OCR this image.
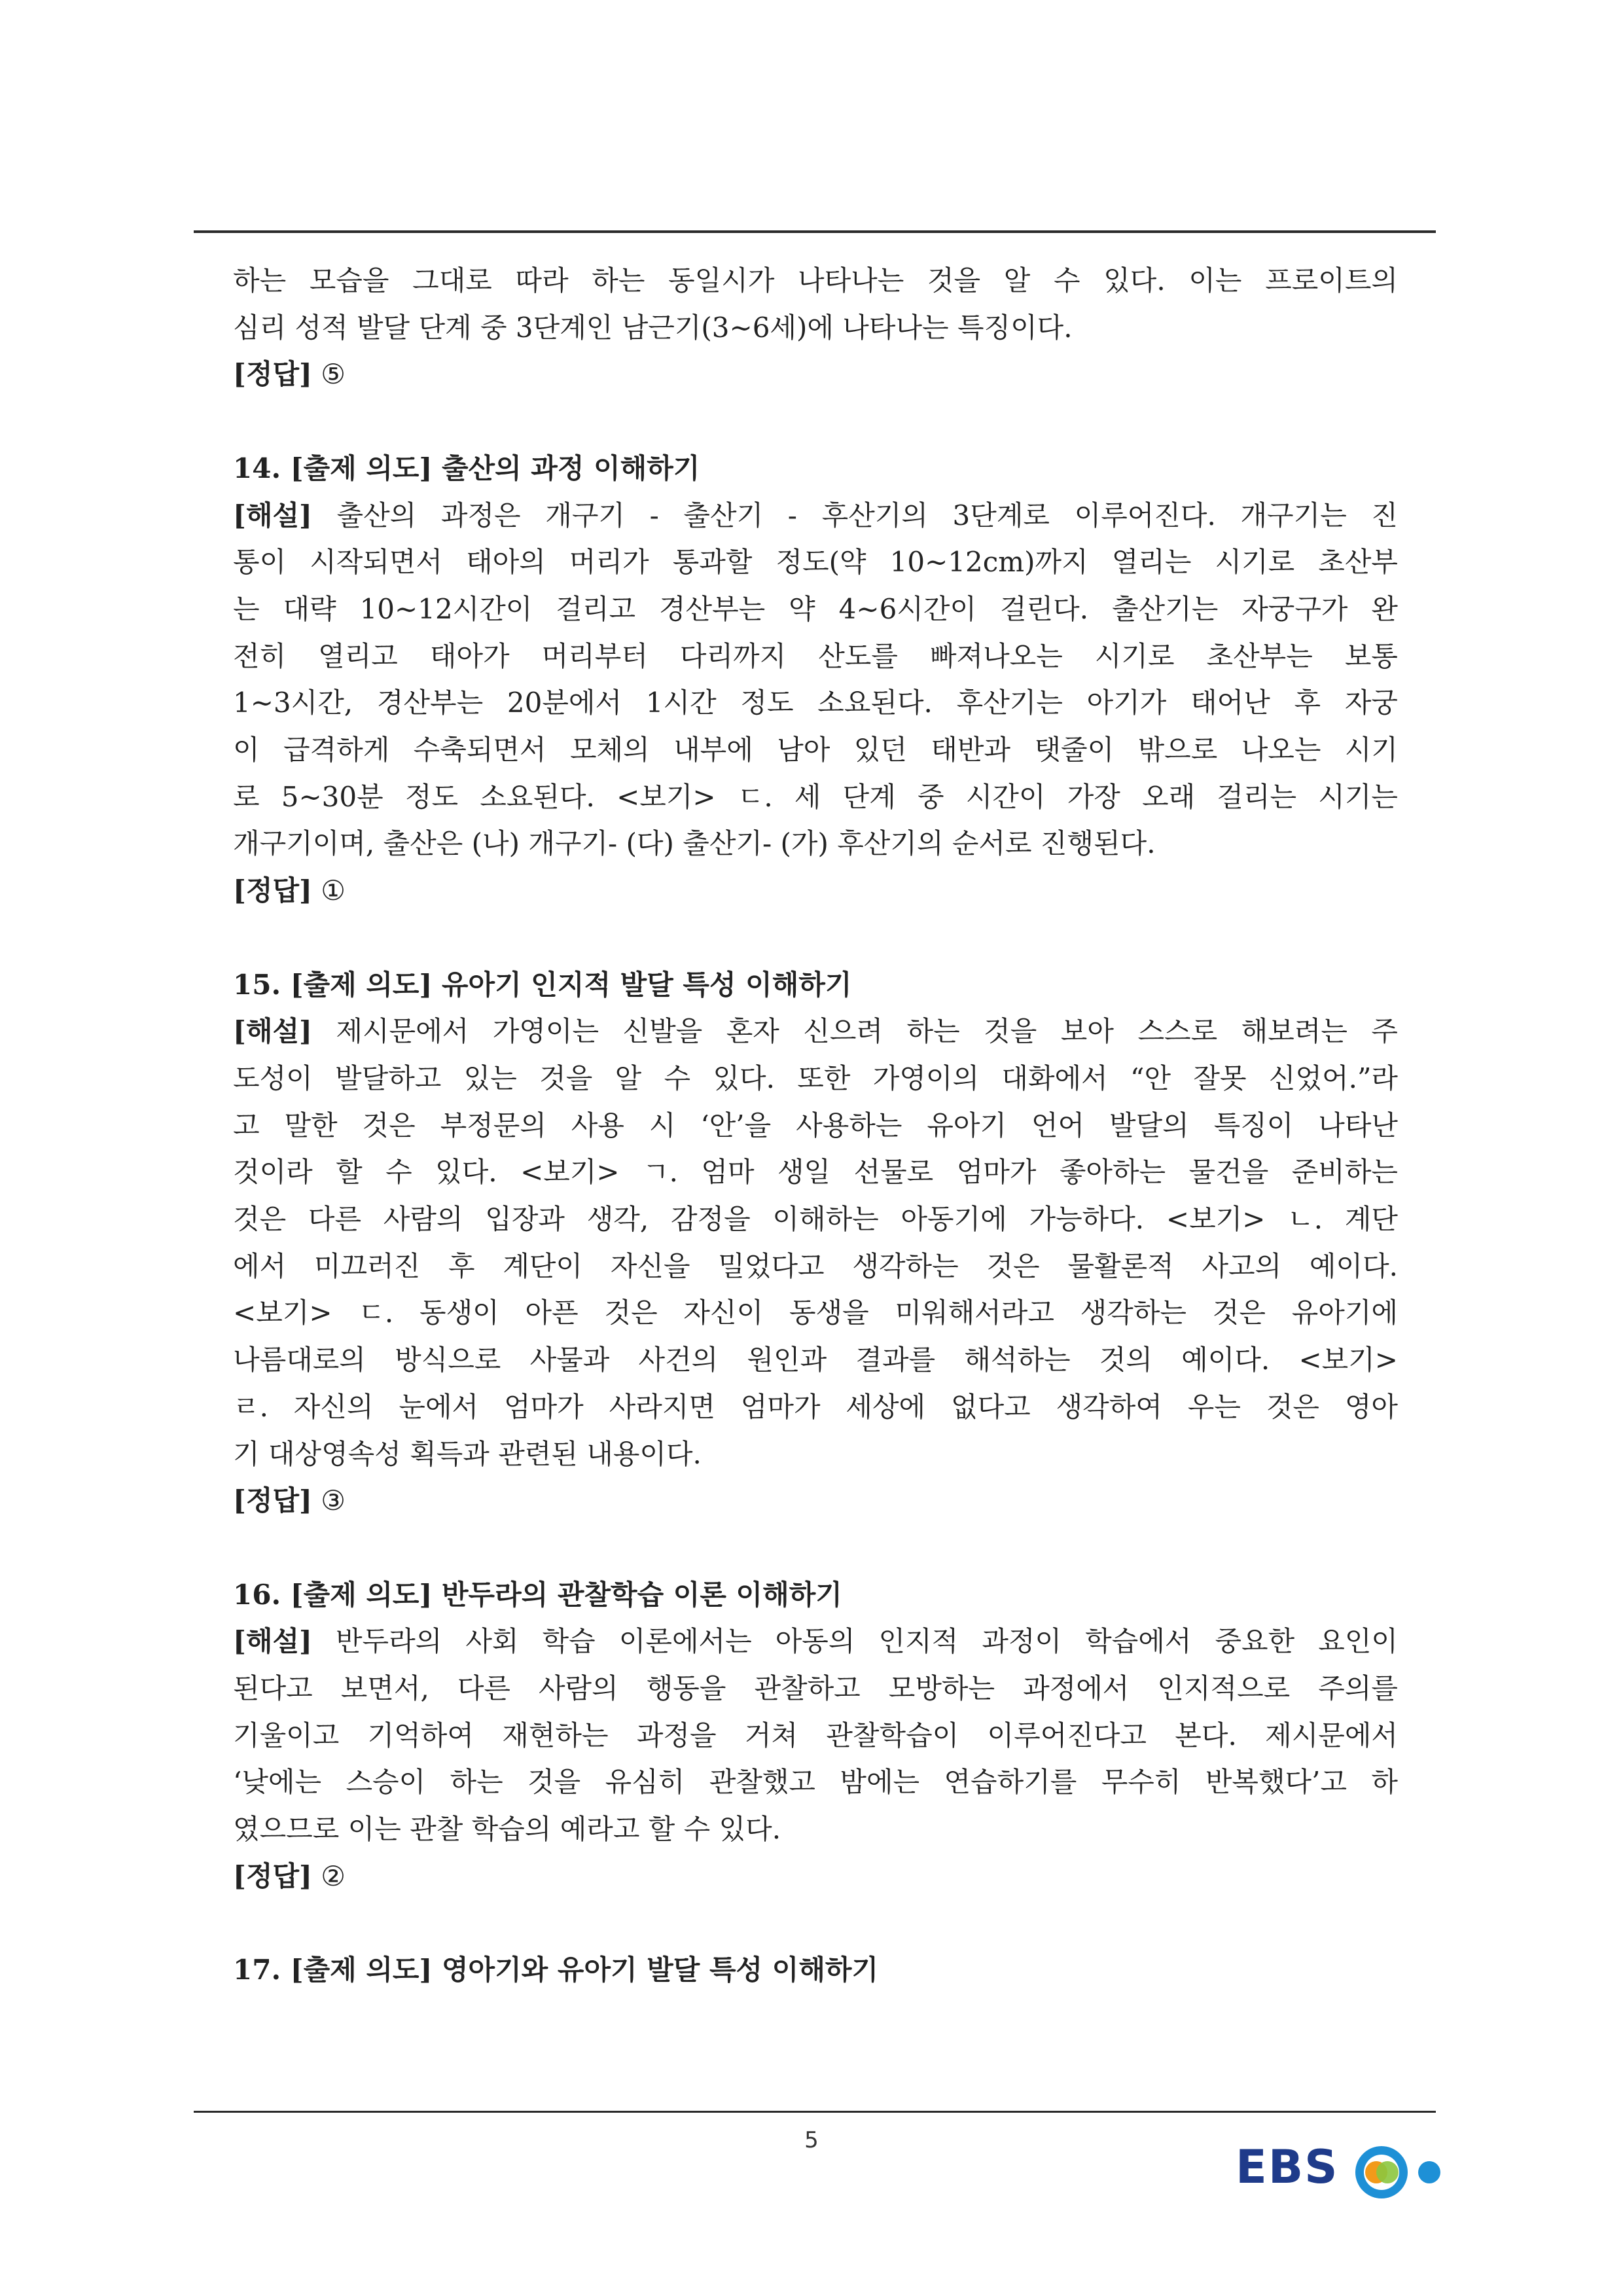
하는 모습을 그대로 따라 하는 동일시가 나타나는 것을 알 수 있다. 이는 프로이트의
심리 성적 발달 단계 중 3단계인 남근기(3~6세)에 나타나는 특징이다.
[정답] ⑤
14. [출제 의도] 출산의 과정 이해하기
[해설] 출산의 과정은 개구기 - 출산기 - 후산기의 3단계로 이루어진다. 개구기는 진
통이 시작되면서 태아의 머리가 통과할 정도(약 10~12cm)까지 열리는 시기로 초산부
는 대략 10~12시간이 걸리고 경산부는 약 4~6시간이 걸린다. 출산기는 자궁구가 완
전히 열리고 태아가 머리부터 다리까지 산도를 빠져나오는 시기로 초산부는 보통
1~3시간, 경산부는 20분에서 1시간 정도 소요된다. 후산기는 아기가 태어난 후 자궁
이 급격하게 수축되면서 모체의 내부에 남아 있던 태반과 탯줄이 밖으로 나오는 시기
로 5~30분 정도 소요된다. <보기> ㄷ. 세 단계 중 시간이 가장 오래 걸리는 시기는
개구기이며, 출산은 (나) 개구기- (다) 출산기- (가) 후산기의 순서로 진행된다.
[정답] ①
15. [출제 의도] 유아기 인지적 발달 특성 이해하기
[해설] 제시문에서 가영이는 신발을 혼자 신으려 하는 것을 보아 스스로 해보려는 주
도성이 발달하고 있는 것을 알 수 있다. 또한 가영이의 대화에서 “안 잘못 신었어.”라
고 말한 것은 부정문의 사용 시 ‘안’을 사용하는 유아기 언어 발달의 특징이 나타난
것이라 할 수 있다. <보기> ㄱ. 엄마 생일 선물로 엄마가 좋아하는 물건을 준비하는
것은 다른 사람의 입장과 생각, 감정을 이해하는 아동기에 가능하다. <보기> ㄴ. 계단
에서 미끄러진 후 계단이 자신을 밀었다고 생각하는 것은 물활론적 사고의 예이다.
<보기> ㄷ. 동생이 아픈 것은 자신이 동생을 미워해서라고 생각하는 것은 유아기에
나름대로의 방식으로 사물과 사건의 원인과 결과를 해석하는 것의 예이다. <보기>
ㄹ. 자신의 눈에서 엄마가 사라지면 엄마가 세상에 없다고 생각하여 우는 것은 영아
기 대상영속성 획득과 관련된 내용이다.
[정답] ③
16. [출제 의도] 반두라의 관찰학습 이론 이해하기
[해설] 반두라의 사회 학습 이론에서는 아동의 인지적 과정이 학습에서 중요한 요인이
된다고 보면서, 다른 사람의 행동을 관찰하고 모방하는 과정에서 인지적으로 주의를
기울이고 기억하여 재현하는 과정을 거쳐 관찰학습이 이루어진다고 본다. 제시문에서
‘낮에는 스승이 하는 것을 유심히 관찰했고 밤에는 연습하기를 무수히 반복했다’고 하
였으므로 이는 관찰 학습의 예라고 할 수 있다.
[정답] ②
17. [출제 의도] 영아기와 유아기 발달 특성 이해하기
5	EBS
